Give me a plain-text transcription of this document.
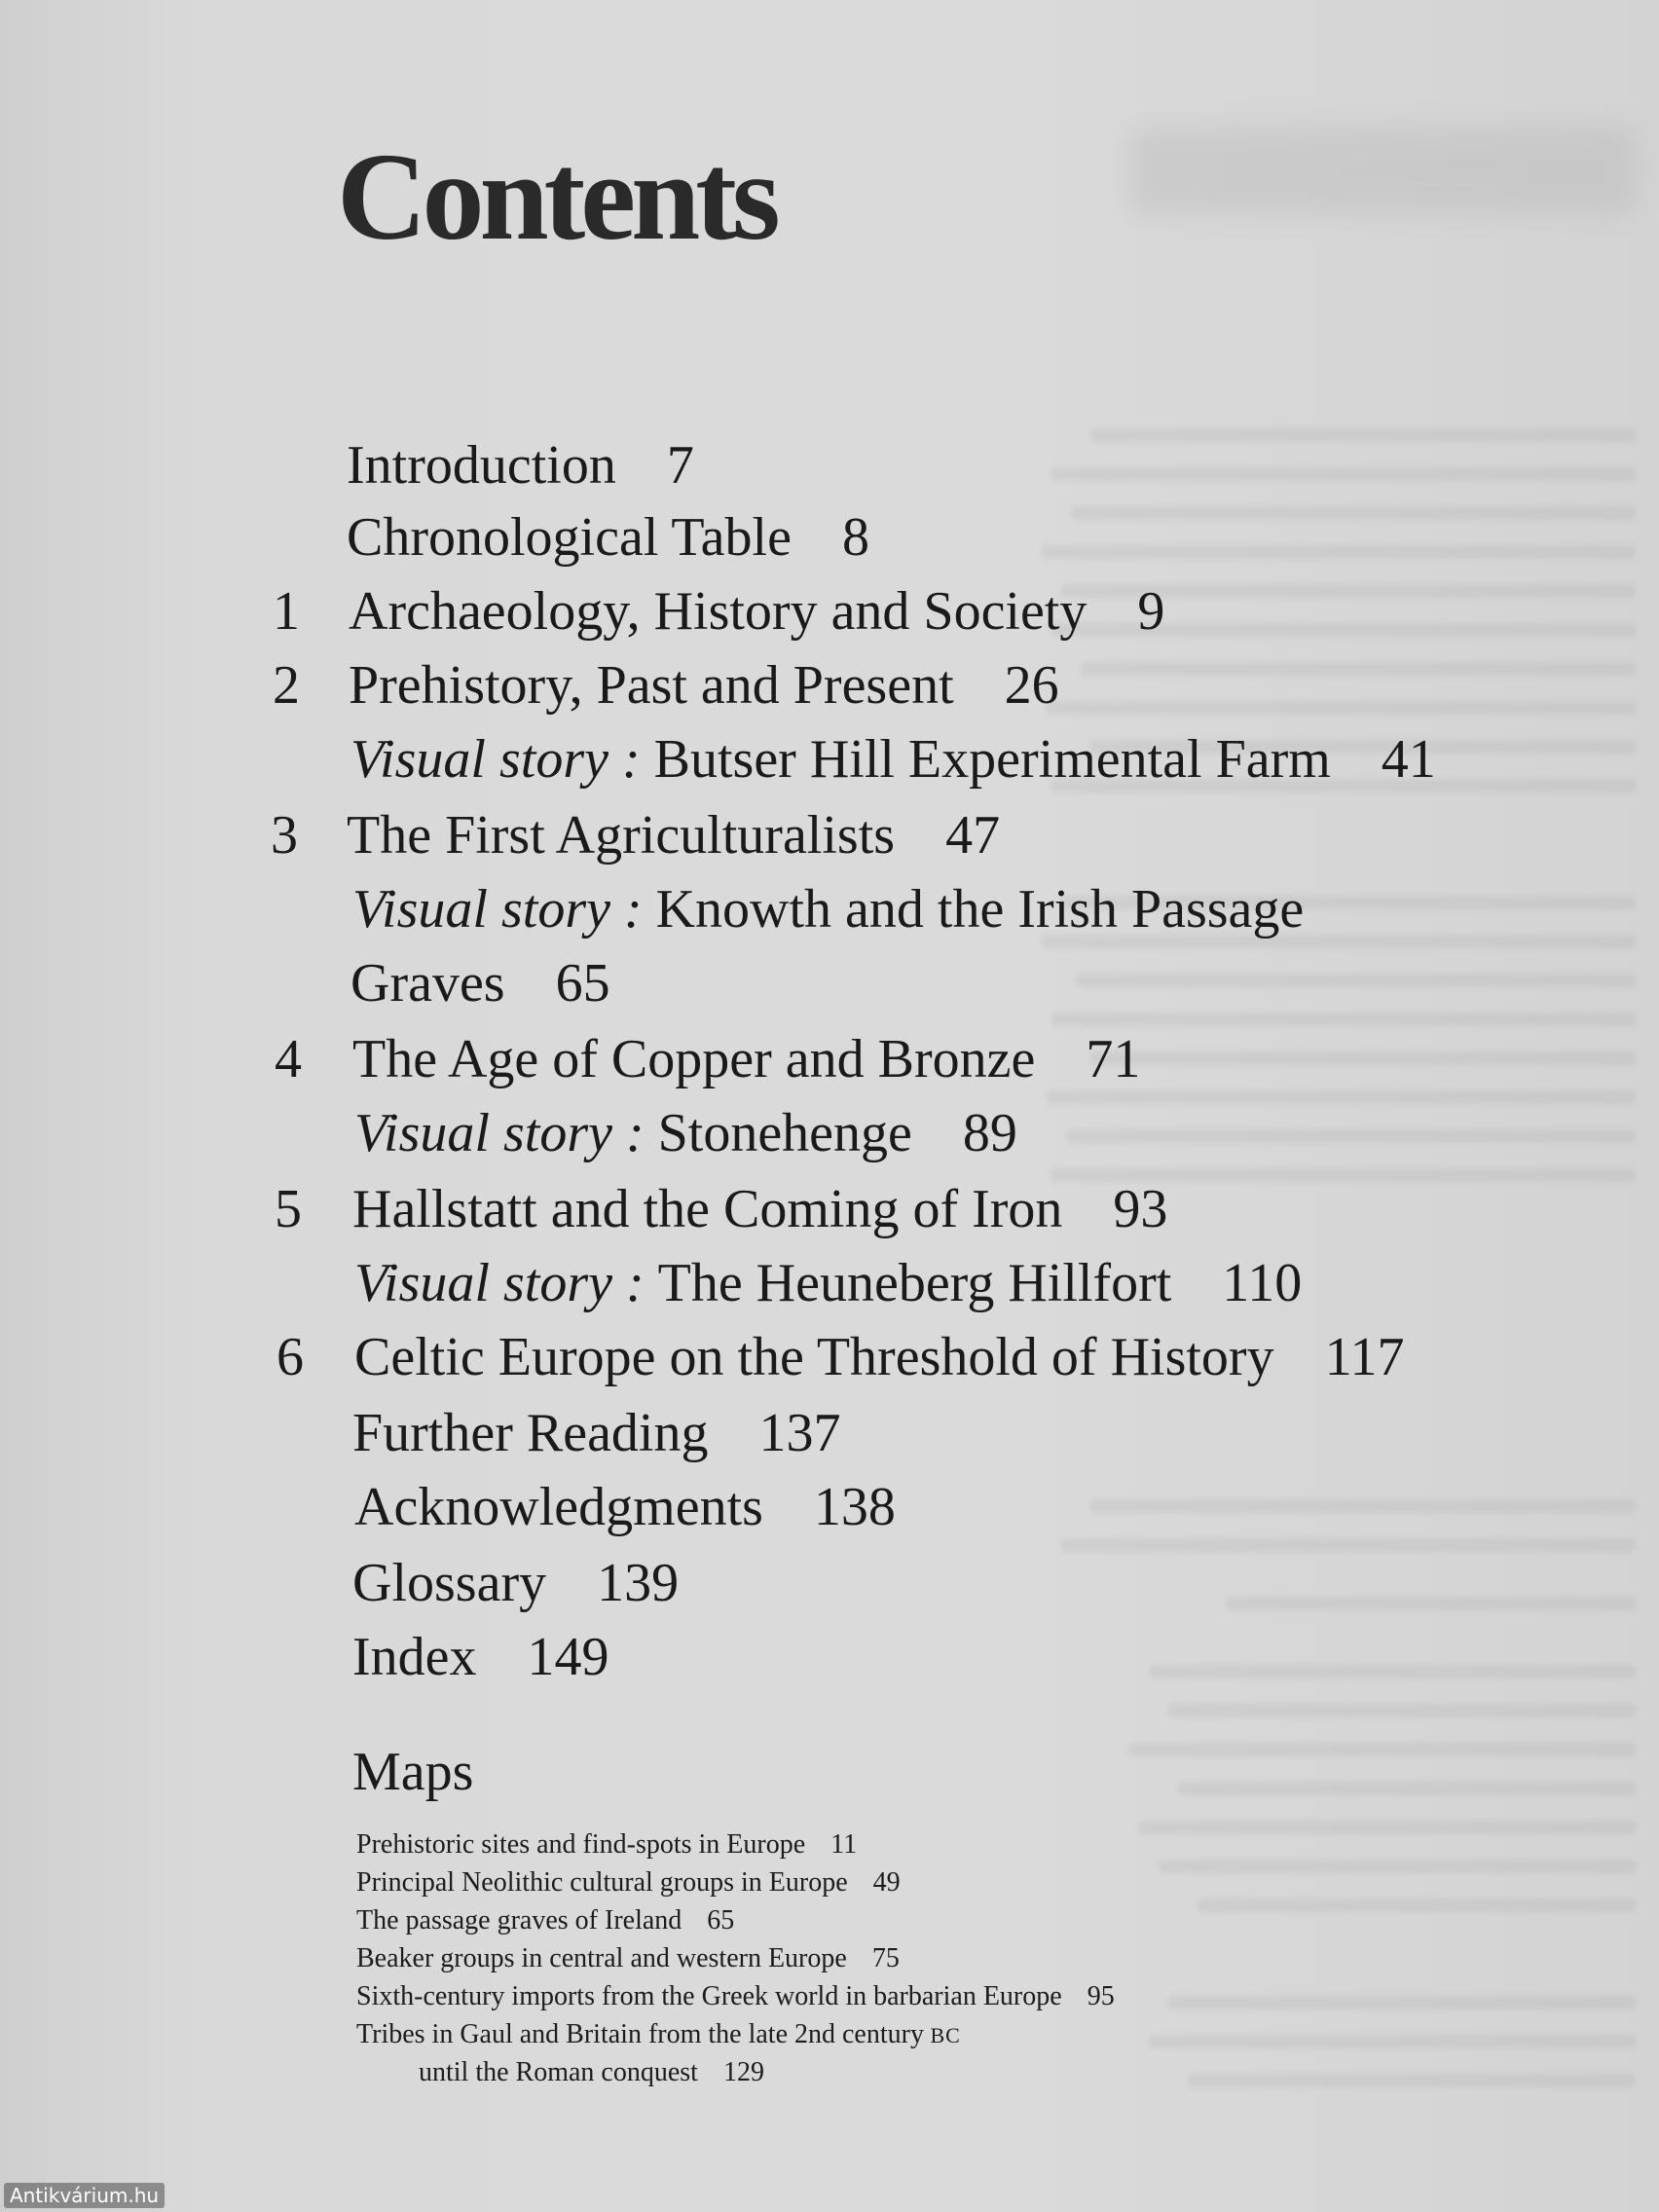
Contents
Introduction 7
Chronological Table 8
1 Archaeology, History and Society 9
2 Prehistory, Past and Present 26
Visual story : Butser Hill Experimental Farm 41
3 The First Agriculturalists 47
Visual story : Knowth and the Irish Passage
Graves 65
4 The Age of Copper and Bronze 71
Visual story : Stonehenge 89
5 Hallstatt and the Coming of Iron 93
Visual story : The Heuneberg Hillfort 110
6 Celtic Europe on the Threshold of History 117
Further Reading 137
Acknowledgments 138
Glossary 139
Index 149
Maps
Prehistoric sites and find-spots in Europe 11
Principal Neolithic cultural groups in Europe 49
The passage graves of Ireland 65
Beaker groups in central and western Europe 75
Sixth-century imports from the Greek world in barbarian Europe 95
Tribes in Gaul and Britain from the late 2nd century BC
until the Roman conquest 129
Antikvárium.hu
